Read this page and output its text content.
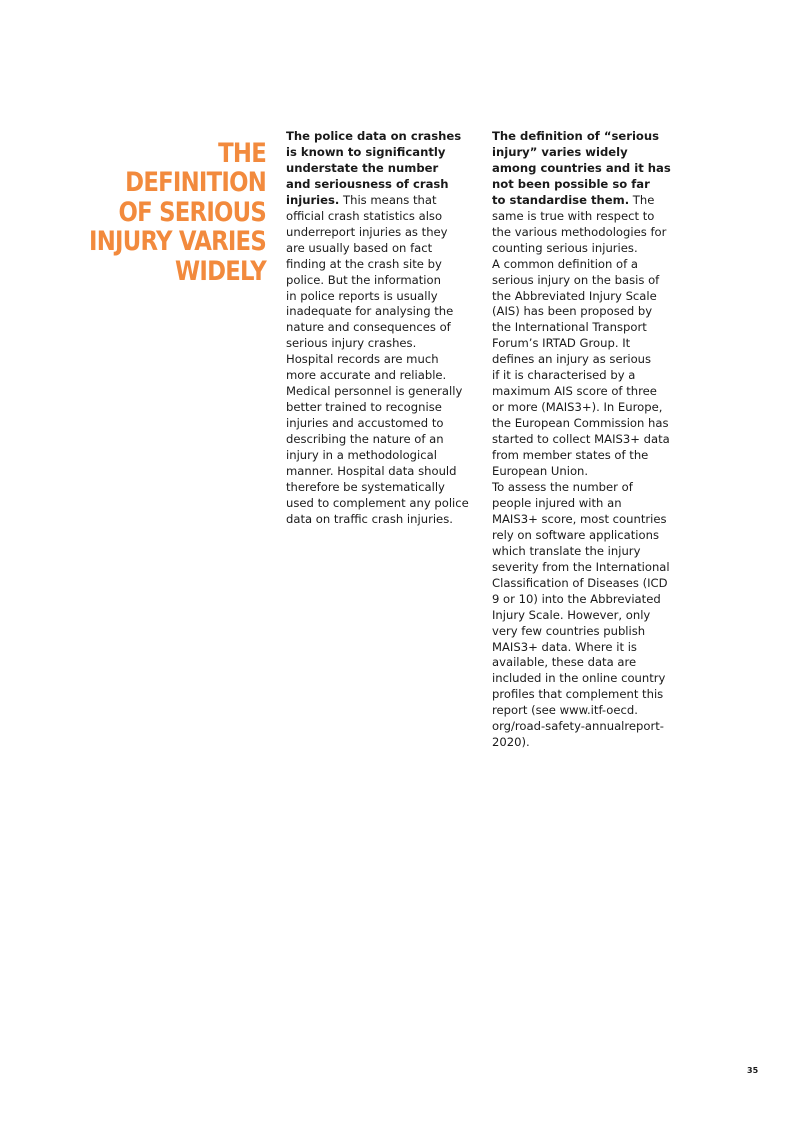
THE
DEFINITION
OF SERIOUS
INJURY VARIES
WIDELY

The police data on crashes
is known to significantly
understate the number
and seriousness of crash
injuries. This means that
official crash statistics also
underreport injuries as they
are usually based on fact
finding at the crash site by
police. But the information
in police reports is usually
inadequate for analysing the
nature and consequences of
serious injury crashes.
Hospital records are much
more accurate and reliable.
Medical personnel is generally
better trained to recognise
injuries and accustomed to
describing the nature of an
injury in a methodological
manner. Hospital data should
therefore be systematically
used to complement any police
data on traffic crash injuries.

The definition of “serious
injury” varies widely
among countries and it has
not been possible so far
to standardise them. The
same is true with respect to
the various methodologies for
counting serious injuries.
A common definition of a
serious injury on the basis of
the Abbreviated Injury Scale
(AIS) has been proposed by
the International Transport
Forum’s IRTAD Group. It
defines an injury as serious
if it is characterised by a
maximum AIS score of three
or more (MAIS3+). In Europe,
the European Commission has
started to collect MAIS3+ data
from member states of the
European Union.
To assess the number of
people injured with an
MAIS3+ score, most countries
rely on software applications
which translate the injury
severity from the International
Classification of Diseases (ICD
9 or 10) into the Abbreviated
Injury Scale. However, only
very few countries publish
MAIS3+ data. Where it is
available, these data are
included in the online country
profiles that complement this
report (see www.itf-oecd.
org/road-safety-annualreport-
2020).

35
